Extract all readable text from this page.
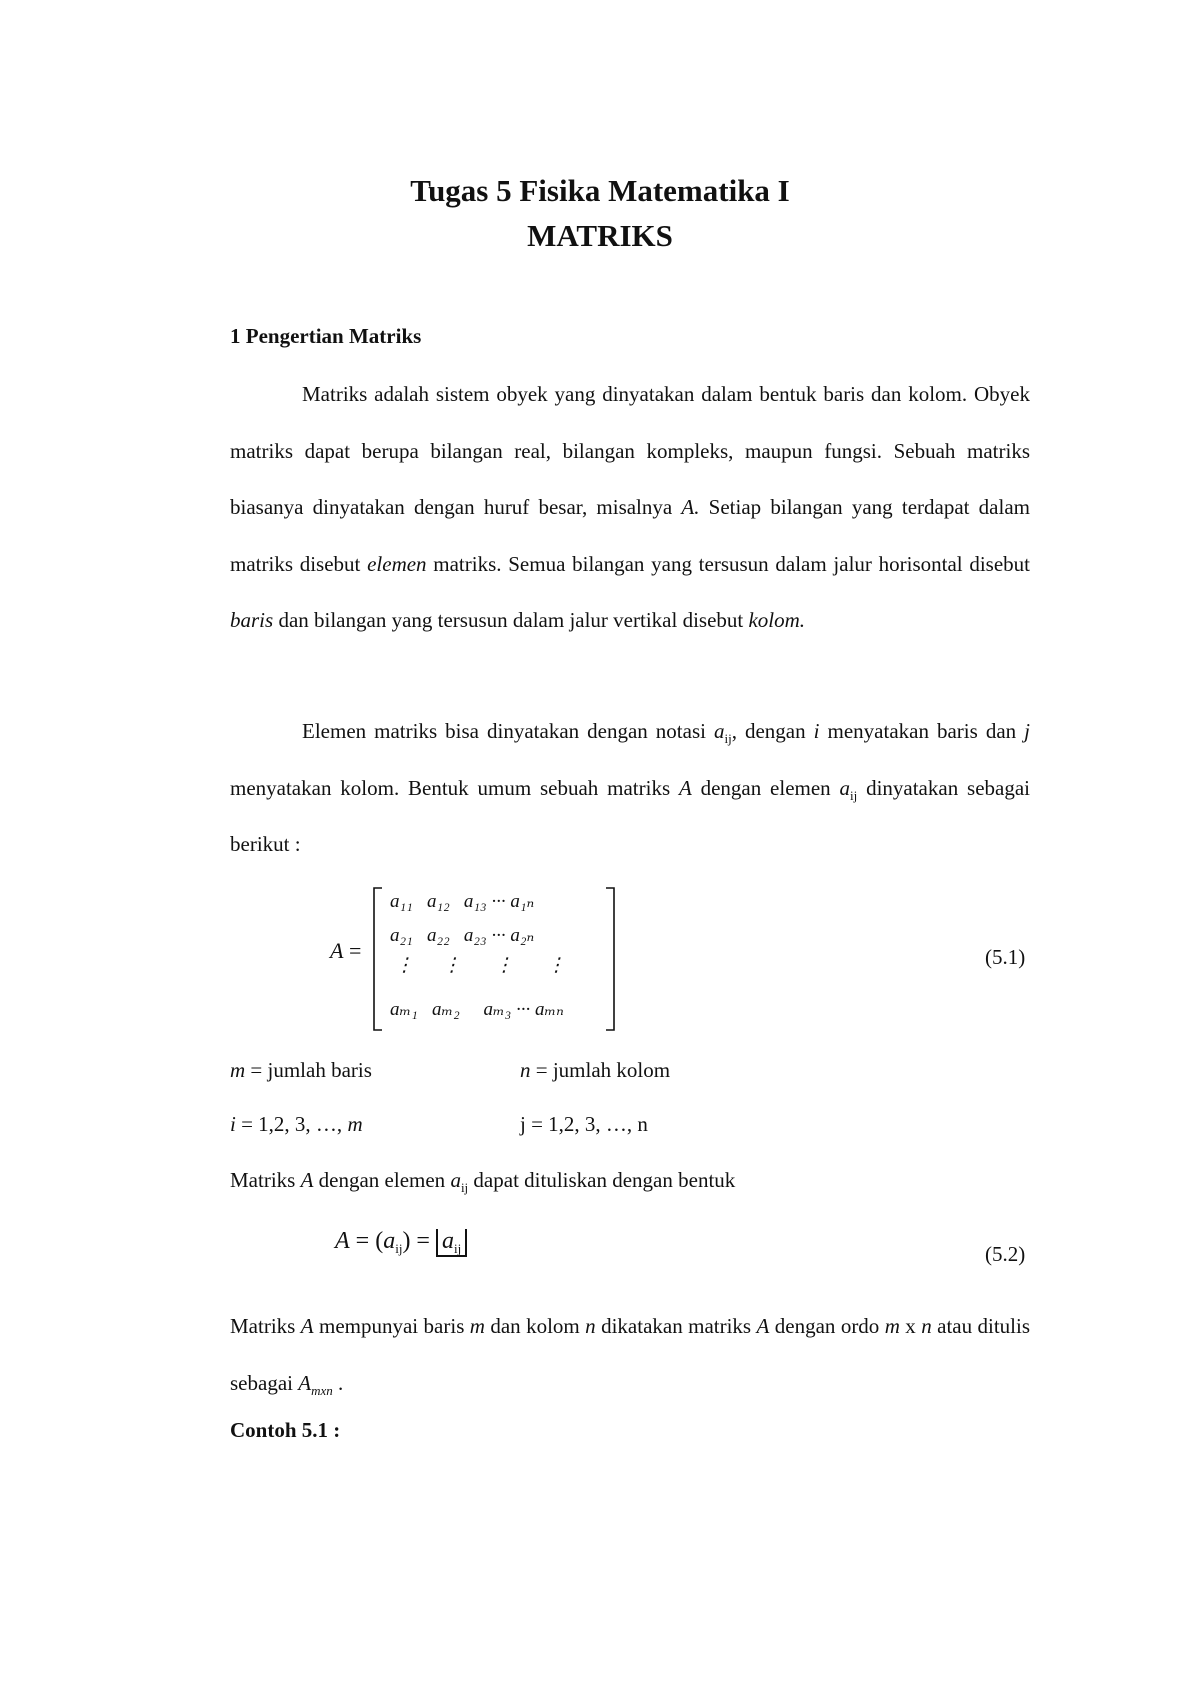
Tugas 5 Fisika Matematika I
MATRIKS
1 Pengertian Matriks
Matriks adalah sistem obyek yang dinyatakan dalam bentuk baris dan kolom. Obyek matriks dapat berupa bilangan real, bilangan kompleks, maupun fungsi. Sebuah matriks biasanya dinyatakan dengan huruf besar, misalnya A. Setiap bilangan yang terdapat dalam matriks disebut elemen matriks. Semua bilangan yang tersusun dalam jalur horisontal disebut baris dan bilangan yang tersusun dalam jalur vertikal disebut kolom.
Elemen matriks bisa dinyatakan dengan notasi $a_{ij}$, dengan i menyatakan baris dan j menyatakan kolom. Bentuk umum sebuah matriks A dengan elemen $a_{ij}$ dinyatakan sebagai berikut :
A =
a₁₁   a₁₂   a₁₃ ··· a₁ₙ
a₂₁   a₂₂   a₂₃ ··· a₂ₙ
⋮      ⋮       ⋮       ⋮
aₘ₁   aₘ₂     aₘ₃ ··· aₘₙ
(5.1)
m = jumlah baris	n = jumlah kolom
i = 1,2, 3, …, m	j = 1,2, 3, …, n
Matriks A dengan elemen $a_{ij}$ dapat dituliskan dengan bentuk
$A = (a_{ij}) = a_{ij}$	(5.2)
Matriks A mempunyai baris m dan kolom n dikatakan matriks A dengan ordo m x n atau ditulis sebagai $A_{mxn}$ .
Contoh 5.1 :
